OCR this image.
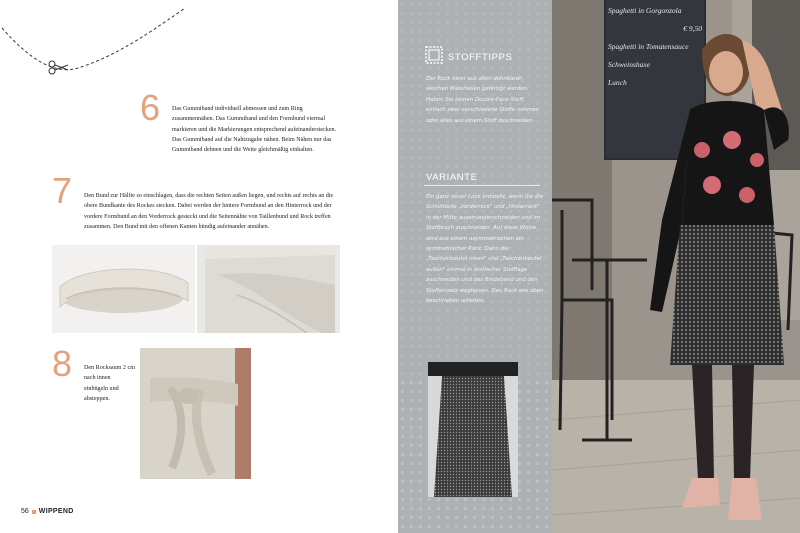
6 Das Gummiband individuell abmessen und zum Ring zusammennähen. Das Gummiband und den Formbund viermal markieren und die Markierungen entsprechend aufeinanderstecken. Das Gummiband auf die Nahtzugabe nähen. Beim Nähen nur das Gummiband dehnen und die Weite gleichmäßig einhalten.

7 Den Bund zur Hälfte so einschlagen, dass die rechten Seiten außen liegen, und rechts auf rechts an die obere Bundkante des Rockes stecken. Dabei werden der hintere Formbund an den Hinterrock und der vordere Formbund an den Vorderrock gesteckt und die Seitennähte von Taillenbund und Rock treffen zusammen. Den Bund mit den offenen Kanten bündig aufeinander annähen.

8 Den Rocksaum 2 cm nach innen einbügeln und absteppen.

56 WIPPEND
STOFFTIPPS

Der Rock kann aus allen dehnbaren, weichen Materialien gefertigt werden. Haben Sie keinen Double-Face-Stoff, einfach zwei verschiedene Stoffe nehmen oder alles aus einem Stoff zuschneiden.

VARIANTE

Ein ganz neuer Look entsteht, wenn Sie die Schnittteile „Vorderrock" und „Hinterrock" in der Mitte auseinanderschneiden und im Stoffbruch zuschneiden. Auf diese Weise wird aus einem asymmetrischen ein symmetrischer Rock. Dann die „Taschenbeutel innen" und „Taschenbeutel außen" einmal in dreifacher Stofflage zuschneiden und das Bindeband und den Stoffeinsatz weglassen. Den Rock wie oben beschrieben arbeiten.

Spaghetti in Gorgonzola
€ 9,50
Spaghetti in Tomatensauce
Schweinshaxe
Lunch
